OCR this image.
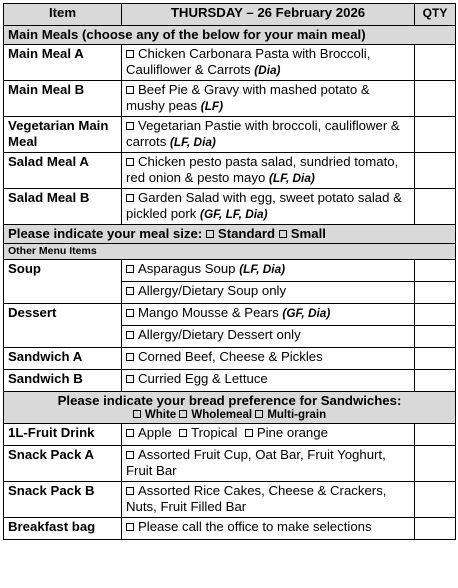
Item	THURSDAY – 26 February 2026	QTY
Main Meals (choose any of the below for your main meal)		
Main Meal A	Chicken Carbonara Pasta with Broccoli, Cauliflower & Carrots (Dia)	
Main Meal B	Beef Pie & Gravy with mashed potato & mushy peas (LF)	
Vegetarian Main Meal	Vegetarian Pastie with broccoli, cauliflower & carrots (LF, Dia)	
Salad Meal A	Chicken pesto pasta salad, sundried tomato, red onion & pesto mayo (LF, Dia)	
Salad Meal B	Garden Salad with egg, sweet potato salad & pickled pork (GF, LF, Dia)	
Please indicate your meal size: Standard Small		
Other Menu Items		
Soup	Asparagus Soup (LF, Dia)	
	Allergy/Dietary Soup only	
Dessert	Mango Mousse & Pears (GF, Dia)	
	Allergy/Dietary Dessert only	
Sandwich A	Corned Beef, Cheese & Pickles	
Sandwich B	Curried Egg & Lettuce	

Please indicate your bread preference for Sandwiches:
White Wholemeal Multi-grain		

1L-Fruit Drink	Apple Tropical Pine orange	
Snack Pack A	Assorted Fruit Cup, Oat Bar, Fruit Yoghurt, Fruit Bar	
Snack Pack B	Assorted Rice Cakes, Cheese & Crackers, Nuts, Fruit Filled Bar	
Breakfast bag	Please call the office to make selections	
